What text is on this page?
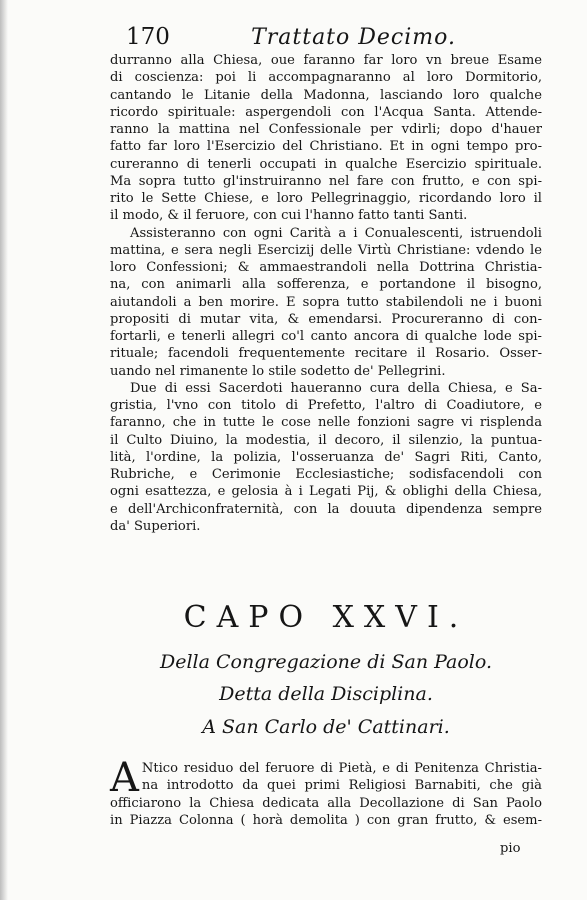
170	Trattato Decimo.
durranno alla Chiesa, oue faranno far loro vn breue Esame
di coscienza: poi li accompagnaranno al loro Dormitorio,
cantando le Litanie della Madonna, lasciando loro qualche
ricordo spirituale: aspergendoli con l'Acqua Santa. Attende-
ranno la mattina nel Confessionale per vdirli; dopo d'hauer
fatto far loro l'Esercizio del Christiano. Et in ogni tempo pro-
cureranno di tenerli occupati in qualche Esercizio spirituale.
Ma sopra tutto gl'instruiranno nel fare con frutto, e con spi-
rito le Sette Chiese, e loro Pellegrinaggio, ricordando loro il
il modo, & il feruore, con cui l'hanno fatto tanti Santi.
Assisteranno con ogni Carità a i Conualescenti, istruendoli
mattina, e sera negli Esercizij delle Virtù Christiane: vdendo le
loro Confessioni; & ammaestrandoli nella Dottrina Christia-
na, con animarli alla sofferenza, e portandone il bisogno,
aiutandoli a ben morire. E sopra tutto stabilendoli ne i buoni
propositi di mutar vita, & emendarsi. Procureranno di con-
fortarli, e tenerli allegri co'l canto ancora di qualche lode spi-
rituale; facendoli frequentemente recitare il Rosario. Osser-
uando nel rimanente lo stile sodetto de' Pellegrini.
Due di essi Sacerdoti haueranno cura della Chiesa, e Sa-
gristia, l'vno con titolo di Prefetto, l'altro di Coadiutore, e
faranno, che in tutte le cose nelle fonzioni sagre vi risplenda
il Culto Diuino, la modestia, il decoro, il silenzio, la puntua-
lità, l'ordine, la polizia, l'osseruanza de' Sagri Riti, Canto,
Rubriche, e Cerimonie Ecclesiastiche; sodisfacendoli con
ogni esattezza, e gelosia à i Legati Pij, & oblighi della Chiesa,
e dell'Archiconfraternità, con la douuta dipendenza sempre
da' Superiori.
CAPO XXVI.
Della Congregazione di San Paolo.
Detta della Disciplina.
A San Carlo de' Cattinari.
A Ntico residuo del feruore di Pietà, e di Penitenza Christia-
na introdotto da quei primi Religiosi Barnabiti, che già
officiarono la Chiesa dedicata alla Decollazione di San Paolo
in Piazza Colonna ( horà demolita ) con gran frutto, & esem-
pio
